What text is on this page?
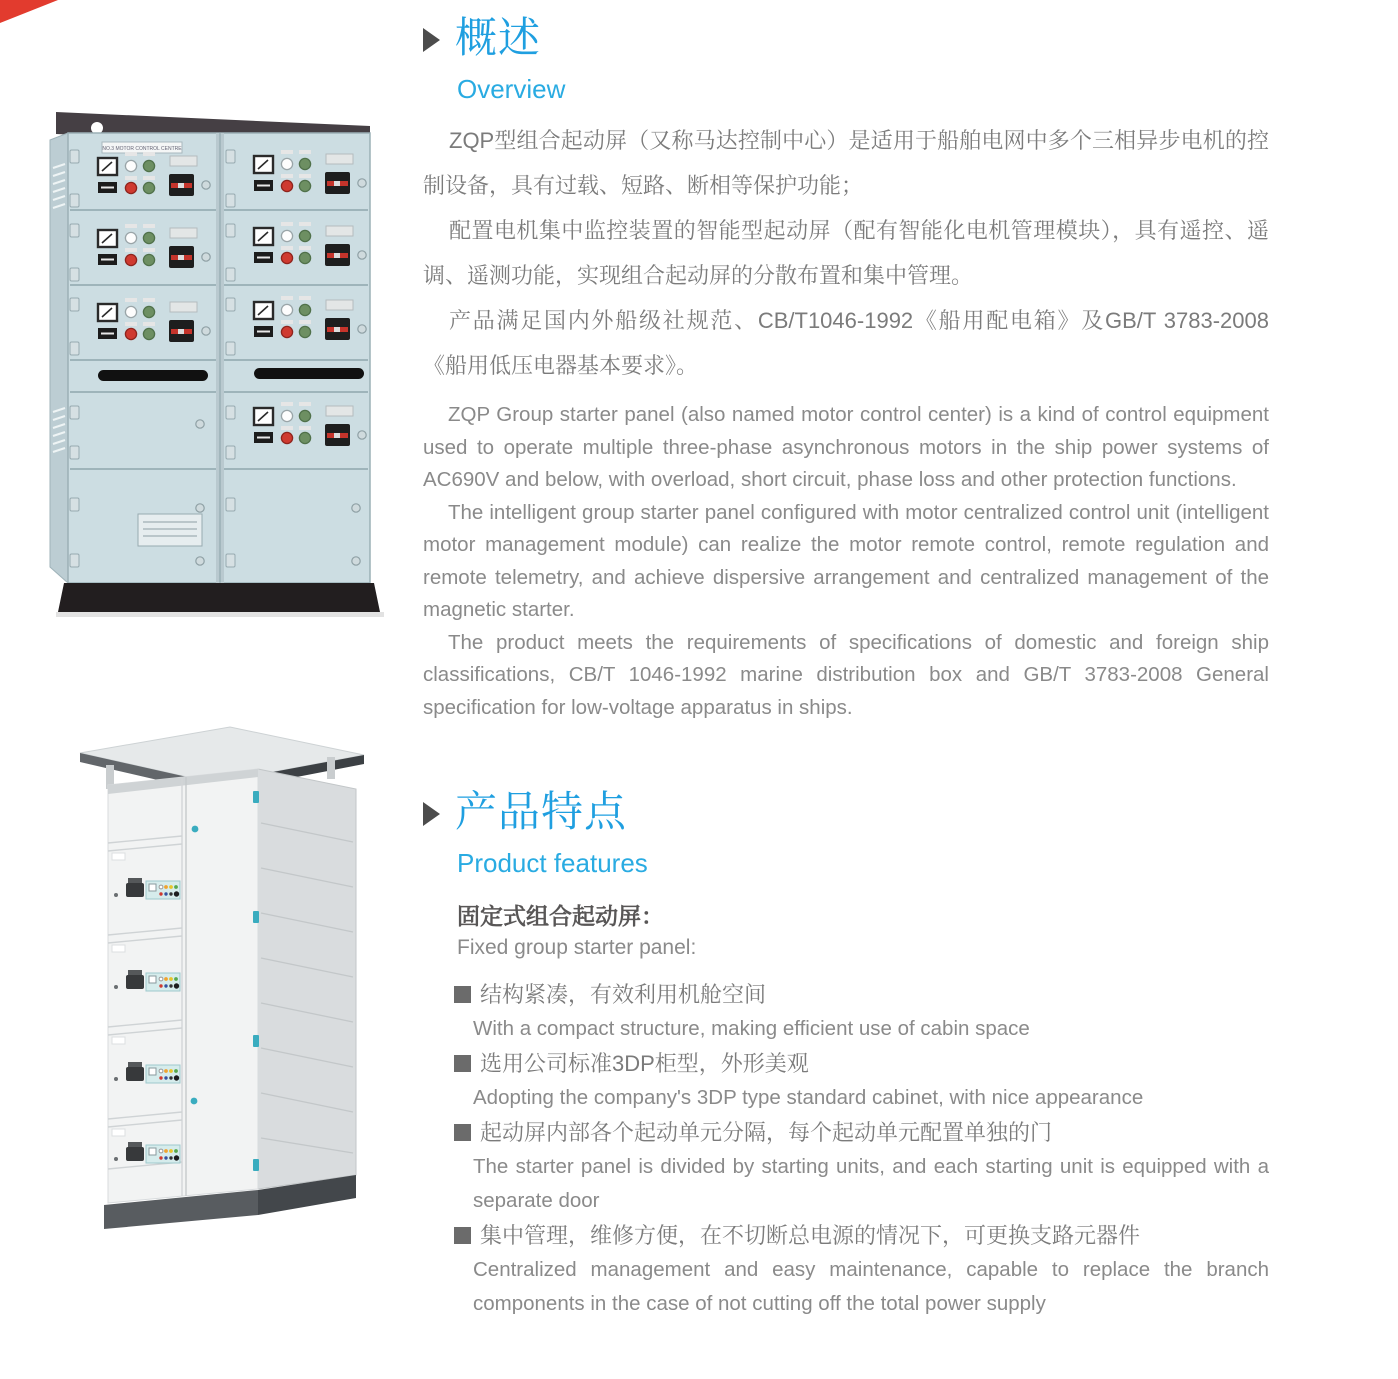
NO.3 MOTOR CONTROL CENTRE
概述
Overview

ZQP型组合起动屏（又称马达控制中心）是适用于船舶电网中多个三相异步电机的控制设备，具有过载、短路、断相等保护功能；

配置电机集中监控装置的智能型起动屏（配有智能化电机管理模块），具有遥控、遥调、遥测功能，实现组合起动屏的分散布置和集中管理。

产品满足国内外船级社规范、CB/T1046-1992《船用配电箱》及GB/T 3783-2008《船用低压电器基本要求》。

ZQP Group starter panel (also named motor control center) is a kind of control equipment used to operate multiple three-phase asynchronous motors in the ship power systems of AC690V and below, with overload, short circuit, phase loss and other protection functions.

The intelligent group starter panel configured with motor centralized control unit (intelligent motor management module) can realize the motor remote control, remote regulation and remote telemetry, and achieve dispersive arrangement and centralized management of the magnetic starter.

The product meets the requirements of specifications of domestic and foreign ship classifications, CB/T 1046-1992 marine distribution box and GB/T 3783-2008 General specification for low-voltage apparatus in ships.

产品特点
Product features
固定式组合起动屏：
Fixed group starter panel:

结构紧凑，有效利用机舱空间

With a compact structure, making efficient use of cabin space

选用公司标准3DP柜型，外形美观

Adopting the company's 3DP type standard cabinet, with nice appearance

起动屏内部各个起动单元分隔，每个起动单元配置单独的门

The starter panel is divided by starting units, and each starting unit is equipped with a separate door

集中管理，维修方便，在不切断总电源的情况下，可更换支路元器件

Centralized management and easy maintenance, capable to replace the branch components in the case of not cutting off the total power supply
